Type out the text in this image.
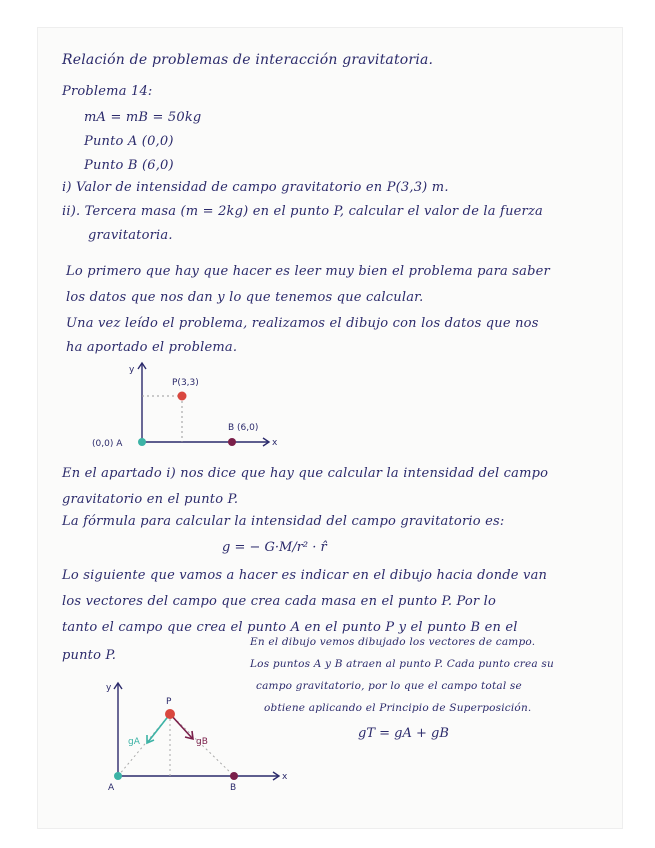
Relación de problemas de interacción gravitatoria.
Problema 14:
mA = mB = 50kg
Punto A (0,0)
Punto B (6,0)
i) Valor de intensidad de campo gravitatorio en P(3,3) m.
ii). Tercera masa (m = 2kg) en el punto P, calcular el valor de la fuerza
gravitatoria.
Lo primero que hay que hacer es leer muy bien el problema para saber
los datos que nos dan y lo que tenemos que calcular.
Una vez leído el problema, realizamos el dibujo con los datos que nos
ha aportado el problema.
y
x
P(3,3)
B (6,0)
(0,0) A
En el apartado i) nos dice que hay que calcular la intensidad del campo
gravitatorio en el punto P.
La fórmula para calcular la intensidad del campo gravitatorio es:
g = − G·M/r² · r̂
Lo siguiente que vamos a hacer es indicar en el dibujo hacia donde van
los vectores del campo que crea cada masa en el punto P. Por lo
tanto el campo que crea el punto A en el punto P y el punto B en el
punto P.
En el dibujo vemos dibujado los vectores de campo.
Los puntos A y B atraen al punto P. Cada punto crea su
campo gravitatorio, por lo que el campo total se
obtiene aplicando el Principio de Superposición.
gT = gA + gB
y
x
P
A	B
gA	gB
